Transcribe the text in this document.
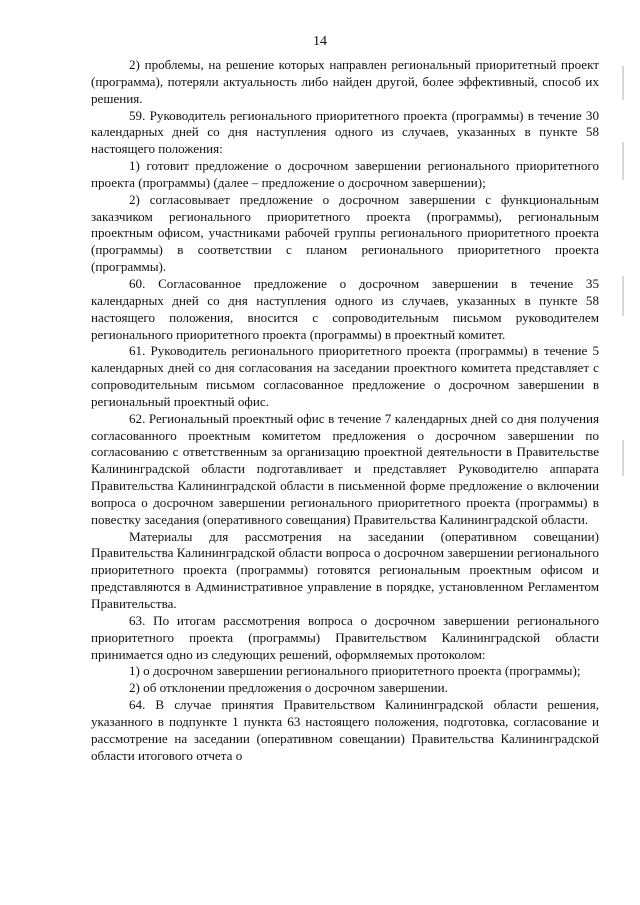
14

2) проблемы, на решение которых направлен региональный приоритетный проект (программа), потеряли актуальность либо найден другой, более эффективный, способ их решения.

59. Руководитель регионального приоритетного проекта (программы) в течение 30 календарных дней со дня наступления одного из случаев, указанных в пункте 58 настоящего положения:

1) готовит предложение о досрочном завершении регионального приоритетного проекта (программы) (далее – предложение о досрочном завершении);

2) согласовывает предложение о досрочном завершении с функциональным заказчиком регионального приоритетного проекта (программы), региональным проектным офисом, участниками рабочей группы регионального приоритетного проекта (программы) в соответствии с планом регионального приоритетного проекта (программы).

60. Согласованное предложение о досрочном завершении в течение 35 календарных дней со дня наступления одного из случаев, указанных в пункте 58 настоящего положения, вносится с сопроводительным письмом руководителем регионального приоритетного проекта (программы) в проектный комитет.

61. Руководитель регионального приоритетного проекта (программы) в течение 5 календарных дней со дня согласования на заседании проектного комитета представляет с сопроводительным письмом согласованное предложение о досрочном завершении в региональный проектный офис.

62. Региональный проектный офис в течение 7 календарных дней со дня получения согласованного проектным комитетом предложения о досрочном завершении по согласованию с ответственным за организацию проектной деятельности в Правительстве Калининградской области подготавливает и представляет Руководителю аппарата Правительства Калининградской области в письменной форме предложение о включении вопроса о досрочном завершении регионального приоритетного проекта (программы) в повестку заседания (оперативного совещания) Правительства Калининградской области.

Материалы для рассмотрения на заседании (оперативном совещании) Правительства Калининградской области вопроса о досрочном завершении регионального приоритетного проекта (программы) готовятся региональным проектным офисом и представляются в Административное управление в порядке, установленном Регламентом Правительства.

63. По итогам рассмотрения вопроса о досрочном завершении регионального приоритетного проекта (программы) Правительством Калининградской области принимается одно из следующих решений, оформляемых протоколом:

1) о досрочном завершении регионального приоритетного проекта (программы);

2) об отклонении предложения о досрочном завершении.

64. В случае принятия Правительством Калининградской области решения, указанного в подпункте 1 пункта 63 настоящего положения, подготовка, согласование и рассмотрение на заседании (оперативном совещании) Правительства Калининградской области итогового отчета о
